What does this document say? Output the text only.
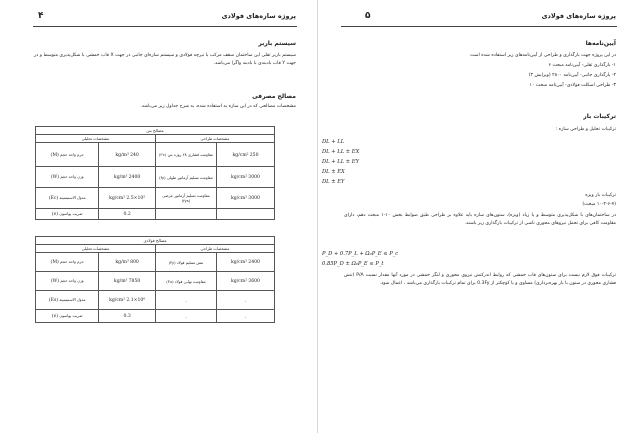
پروژه سازه‌های فولادی
۴
سیستم باربر
سیستم باربر ثقلی این ساختمان سقف مرکب با تیرچه فولادی و سیستم سازه‌ای جانبی در جهت X قاب خمشی با شکل‌پذیری متوسط و در جهت Y قاب بادبندی با بادبند واگرا می‌باشد.
مصالح مصرفی
مشخصات مصالحی که در این سازه به استفاده شده، به شرح جداول زیر می‌باشد.
مصالح بتن			
مشخصات طراحی		مشخصات تحلیلی	
250 kg/cm²	مقاومت فشاری ۲۸ روزه بتن (f'c)	240 kg/m³	جرم واحد حجم (M)
3000 kg/cm²	مقاومت تسلیم آرماتور طولی (fy)	2400 kg/m³	وزن واحد حجم (W)
3000 kg/cm²	مقاومت تسلیم آرماتور عرضی (fys)	2.5×10⁵ kg/cm²	مدول الاستیسیته (Ec)
		0.2	ضریب پواسون (ν)
مصالح فولادی			
مشخصات طراحی		مشخصات تحلیلی	
2400 kg/cm²	تنش تسلیم فولاد (Fy)	800 kg/m³	جرم واحد حجم (M)
3600 kg/cm²	مقاومت نهایی فولاد (Fu)	7850 kg/m³	وزن واحد حجم (W)
-	-	2.1×10⁶ kg/cm²	مدول الاستیسیته (Es)
-	-	0.3	ضریب پواسون (ν)
پروژه سازه‌های فولادی
۵
آیین‌نامه‌ها
در این پروژه جهت بارگذاری و طراحی از آیین‌نامه‌های زیر استفاده شده است
۱- بارگذاری ثقلی- آیین‌نامه مبحث ۶
۲- بارگذاری جانبی- آیین‌نامه ۲۸۰۰ (ویرایش ۳)
۳- طراحی اسکلت فولادی- آیین‌نامه مبحث ۱۰
ترکیبات بار
ترکیبات تحلیل و طراحی سازه :
DL + LL
DL + LL ± EX
DL + LL ± EY
DL ± EX
DL ± EY
ترکیبات بار ویژه
(۱۰-۲-۶-۷ مبحث)
در ساختمان‌های با شکل‌پذیری متوسط و یا زیاد (ویژه)، ستون‌های سازه باید علاوه بر طراحی طبق ضوابط بخش ۱۰-۱ مبحث دهم، دارای مقاومت کافی برای تحمل نیروهای محوری ناشی از ترکیبات بارگذاری زیر باشند.
P_D + 0.7P_L + Ω₀P_E ≤ P_c
0.85P_D ± Ω₀P_E ≤ P_t
ترکیبات فوق لازم نیست برای ستون‌های قاب خمشی که روابط اندرکنش نیروی محوری و لنگر خمشی در مورد آنها مقدار نسبت P/A (تنش فشاری محوری در ستون با بار بهره‌برداری) مساوی و یا کوچکتر از 0.3Fy برای تمام ترکیبات بارگذاری می‌باشد ، اعمال شود.
